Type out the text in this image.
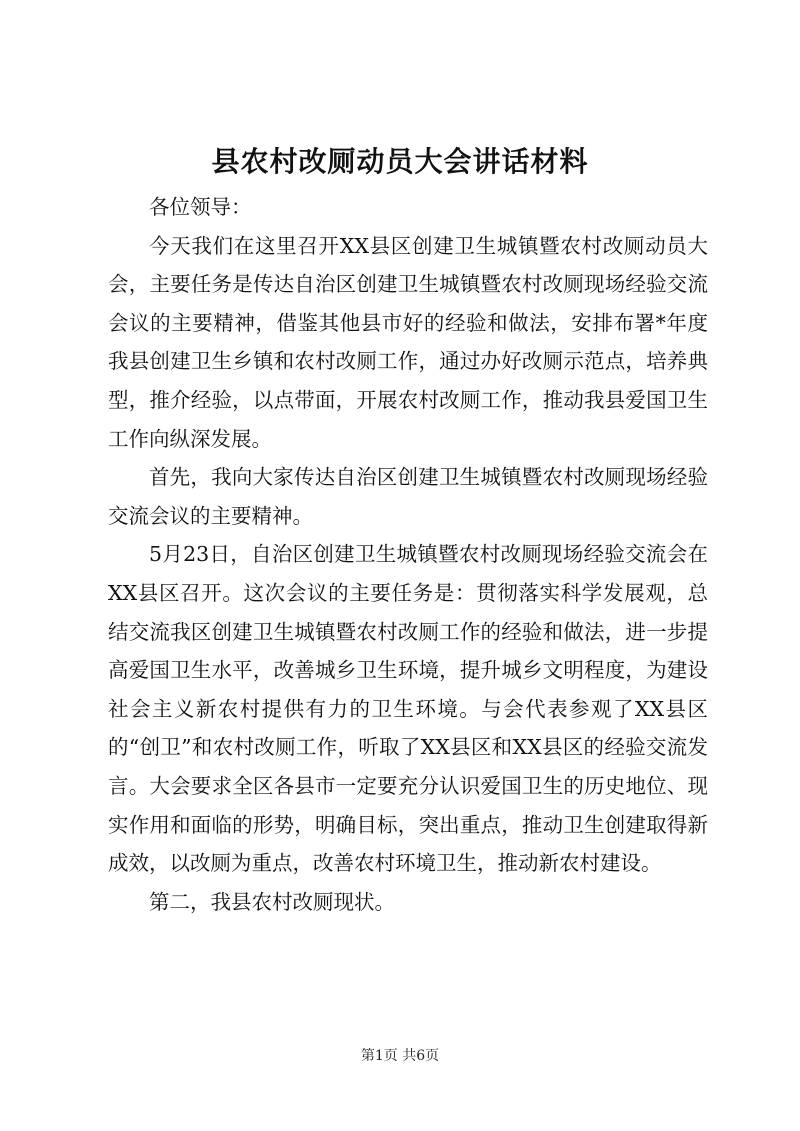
县农村改厕动员大会讲话材料

各位领导：

今天我们在这里召开XX县区创建卫生城镇暨农村改厕动员大会，主要任务是传达自治区创建卫生城镇暨农村改厕现场经验交流会议的主要精神，借鉴其他县市好的经验和做法，安排布署*年度我县创建卫生乡镇和农村改厕工作，通过办好改厕示范点，培养典型，推介经验，以点带面，开展农村改厕工作，推动我县爱国卫生工作向纵深发展。

首先，我向大家传达自治区创建卫生城镇暨农村改厕现场经验交流会议的主要精神。

5月23日，自治区创建卫生城镇暨农村改厕现场经验交流会在XX县区召开。这次会议的主要任务是：贯彻落实科学发展观，总结交流我区创建卫生城镇暨农村改厕工作的经验和做法，进一步提高爱国卫生水平，改善城乡卫生环境，提升城乡文明程度，为建设社会主义新农村提供有力的卫生环境。与会代表参观了XX县区的“创卫”和农村改厕工作，听取了XX县区和XX县区的经验交流发言。大会要求全区各县市一定要充分认识爱国卫生的历史地位、现实作用和面临的形势，明确目标，突出重点，推动卫生创建取得新成效，以改厕为重点，改善农村环境卫生，推动新农村建设。

第二，我县农村改厕现状。

第1页 共6页
